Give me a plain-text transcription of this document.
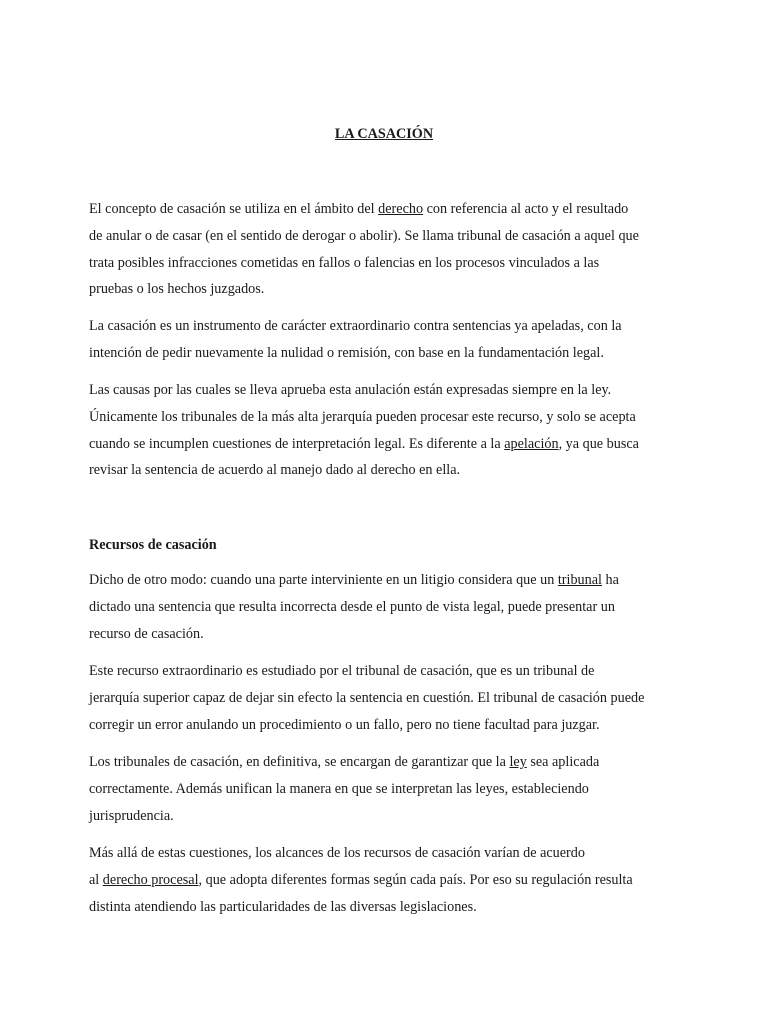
LA CASACIÓN

El concepto de casación se utiliza en el ámbito del derecho con referencia al acto y el resultado
de anular o de casar (en el sentido de derogar o abolir). Se llama tribunal de casación a aquel que
trata posibles infracciones cometidas en fallos o falencias en los procesos vinculados a las
pruebas o los hechos juzgados.

La casación es un instrumento de carácter extraordinario contra sentencias ya apeladas, con la
intención de pedir nuevamente la nulidad o remisión, con base en la fundamentación legal.

Las causas por las cuales se lleva aprueba esta anulación están expresadas siempre en la ley.
Únicamente los tribunales de la más alta jerarquía pueden procesar este recurso, y solo se acepta
cuando se incumplen cuestiones de interpretación legal. Es diferente a la apelación, ya que busca
revisar la sentencia de acuerdo al manejo dado al derecho en ella.

Recursos de casación

Dicho de otro modo: cuando una parte interviniente en un litigio considera que un tribunal ha
dictado una sentencia que resulta incorrecta desde el punto de vista legal, puede presentar un
recurso de casación.

Este recurso extraordinario es estudiado por el tribunal de casación, que es un tribunal de
jerarquía superior capaz de dejar sin efecto la sentencia en cuestión. El tribunal de casación puede
corregir un error anulando un procedimiento o un fallo, pero no tiene facultad para juzgar.

Los tribunales de casación, en definitiva, se encargan de garantizar que la ley sea aplicada
correctamente. Además unifican la manera en que se interpretan las leyes, estableciendo
jurisprudencia.

Más allá de estas cuestiones, los alcances de los recursos de casación varían de acuerdo
al derecho procesal, que adopta diferentes formas según cada país. Por eso su regulación resulta
distinta atendiendo las particularidades de las diversas legislaciones.
